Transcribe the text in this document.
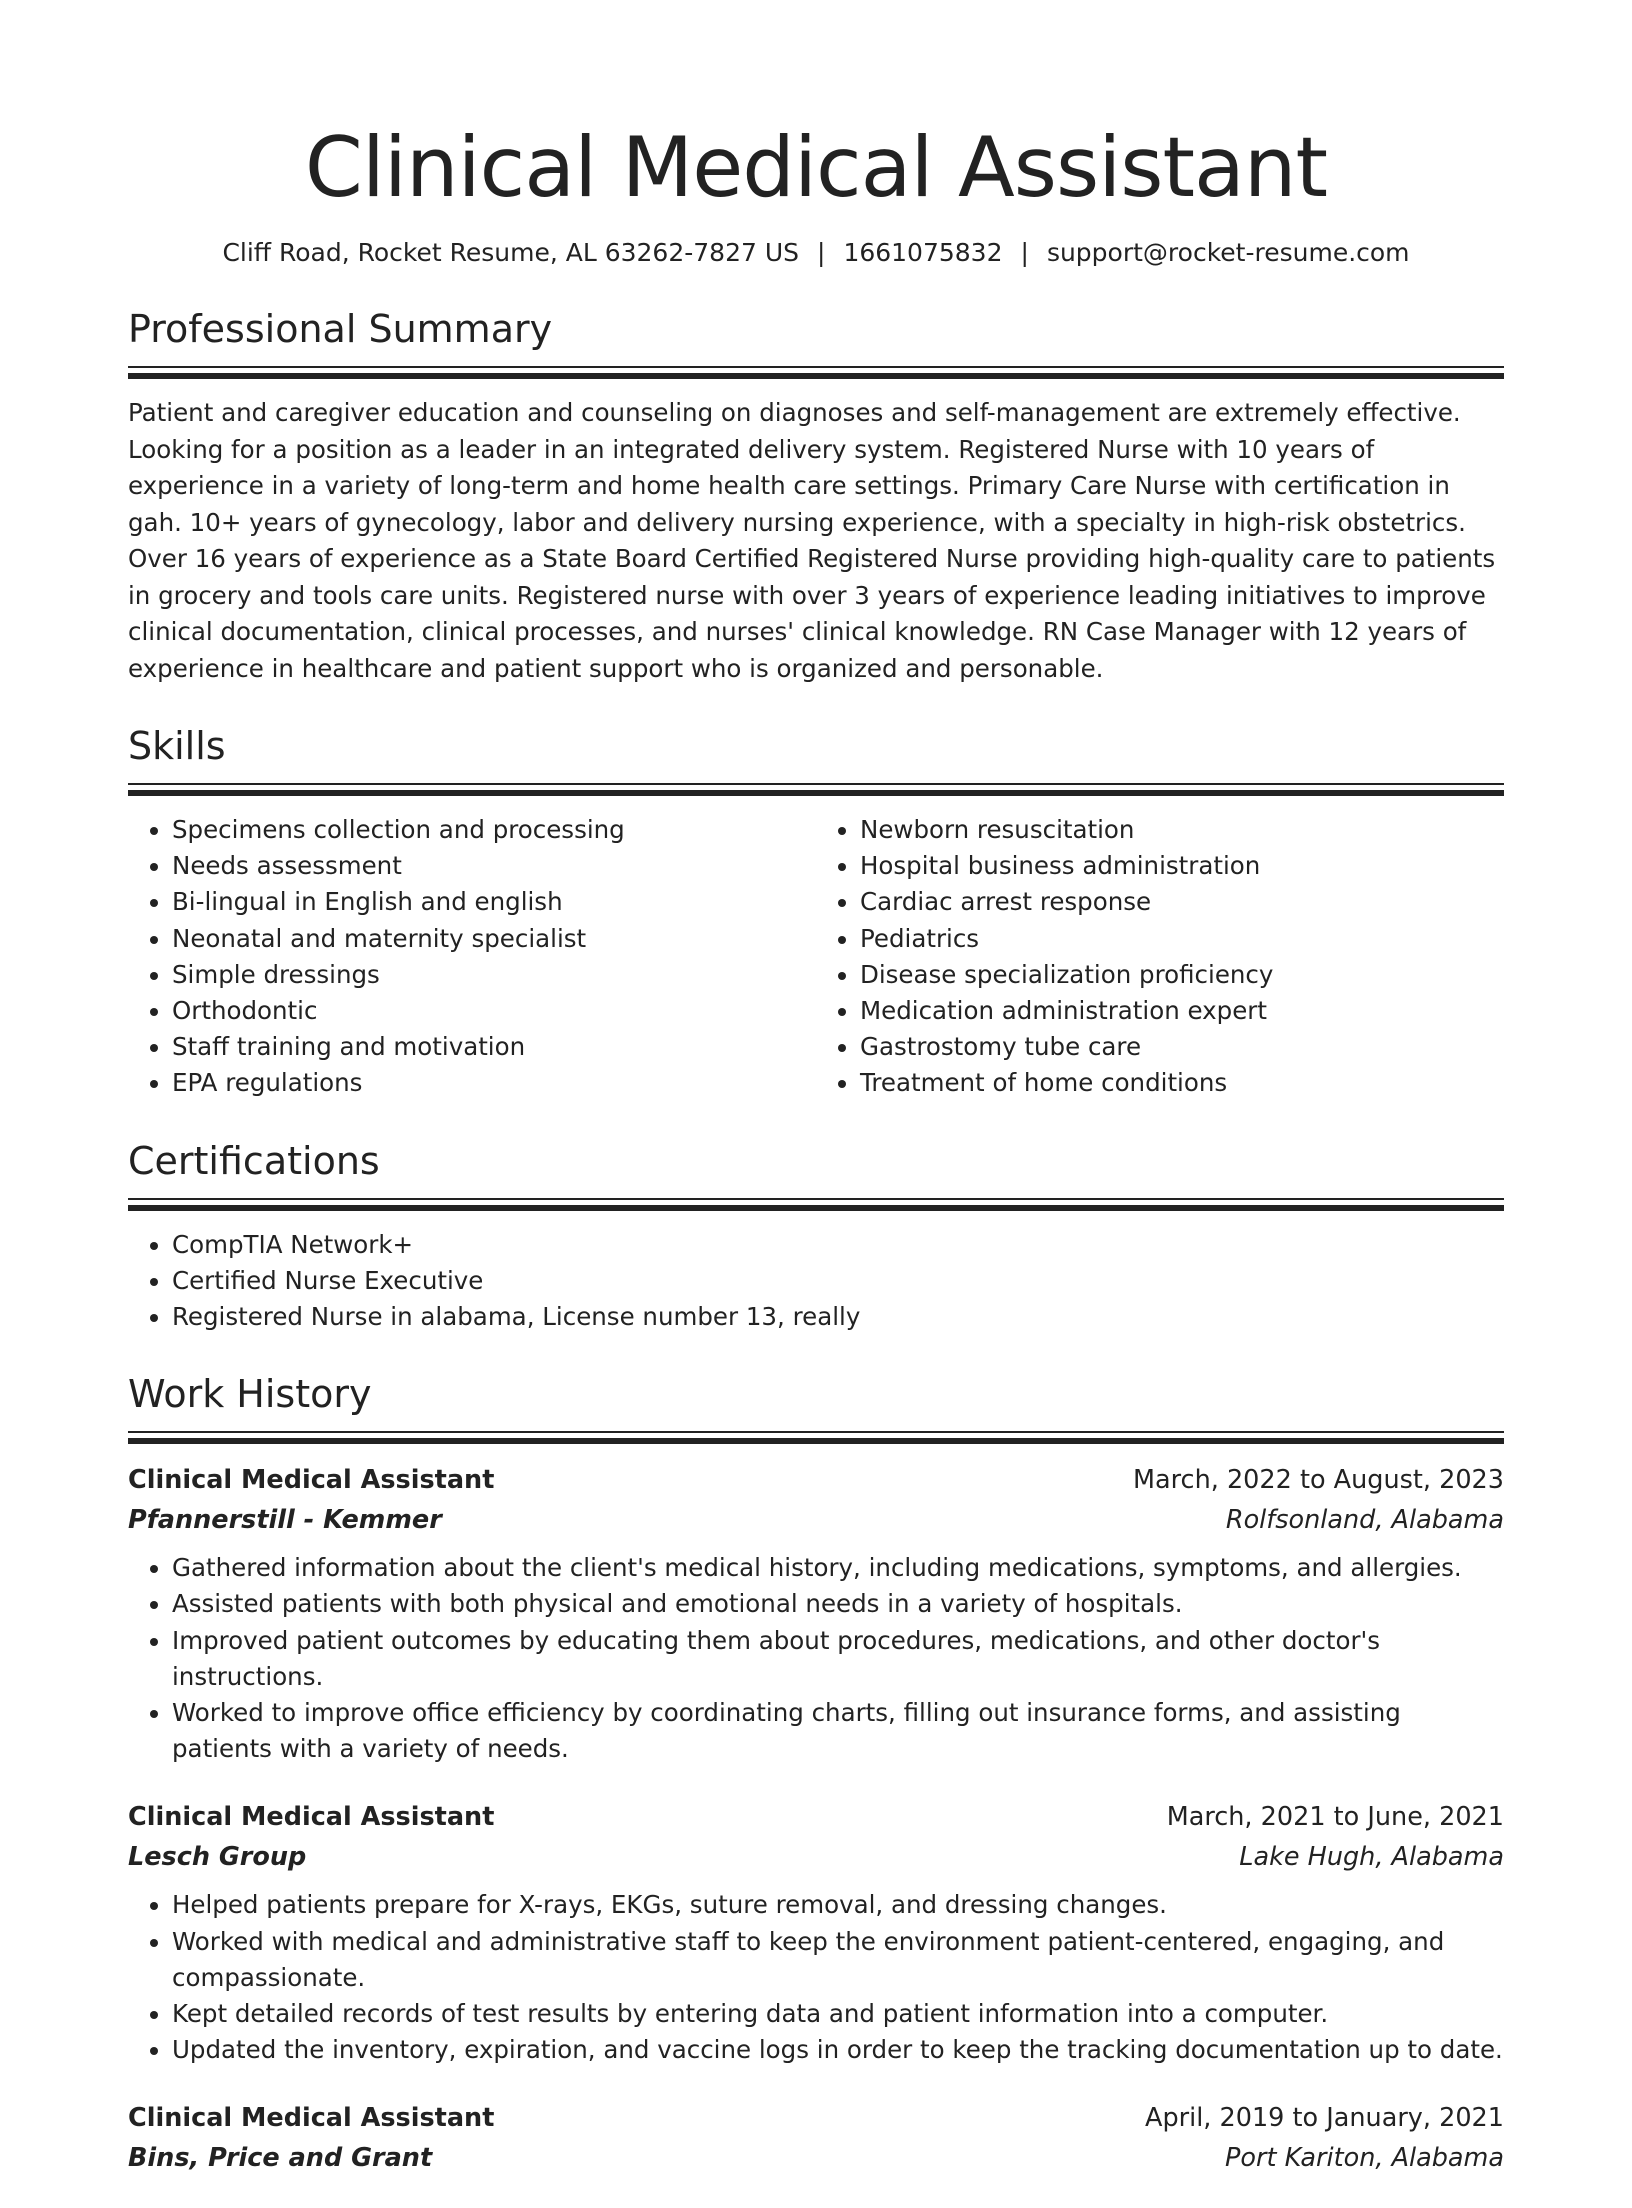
Clinical Medical Assistant
Cliff Road, Rocket Resume, AL 63262-7827 US | 1661075832 | support@rocket-resume.com
Professional Summary

Patient and caregiver education and counseling on diagnoses and self-management are extremely effective. Looking for a position as a leader in an integrated delivery system. Registered Nurse with 10 years of experience in a variety of long-term and home health care settings. Primary Care Nurse with certification in gah. 10+ years of gynecology, labor and delivery nursing experience, with a specialty in high-risk obstetrics. Over 16 years of experience as a State Board Certified Registered Nurse providing high-quality care to patients in grocery and tools care units. Registered nurse with over 3 years of experience leading initiatives to improve clinical documentation, clinical processes, and nurses' clinical knowledge. RN Case Manager with 12 years of experience in healthcare and patient support who is organized and personable.

Skills
• Specimens collection and processing
• Needs assessment
• Bi-lingual in English and english
• Neonatal and maternity specialist
• Simple dressings
• Orthodontic
• Staff training and motivation
• EPA regulations
• Newborn resuscitation
• Hospital business administration
• Cardiac arrest response
• Pediatrics
• Disease specialization proficiency
• Medication administration expert
• Gastrostomy tube care
• Treatment of home conditions
Certifications
• CompTIA Network+
• Certified Nurse Executive
• Registered Nurse in alabama, License number 13, really
Work History
Clinical Medical Assistant	March, 2022 to August, 2023
Pfannerstill - Kemmer	Rolfsonland, Alabama
• Gathered information about the client's medical history, including medications, symptoms, and allergies.
• Assisted patients with both physical and emotional needs in a variety of hospitals.
• Improved patient outcomes by educating them about procedures, medications, and other doctor's instructions.
• Worked to improve office efficiency by coordinating charts, filling out insurance forms, and assisting patients with a variety of needs.
Clinical Medical Assistant	March, 2021 to June, 2021
Lesch Group	Lake Hugh, Alabama
• Helped patients prepare for X-rays, EKGs, suture removal, and dressing changes.
• Worked with medical and administrative staff to keep the environment patient-centered, engaging, and compassionate.
• Kept detailed records of test results by entering data and patient information into a computer.
• Updated the inventory, expiration, and vaccine logs in order to keep the tracking documentation up to date.
Clinical Medical Assistant	April, 2019 to January, 2021
Bins, Price and Grant	Port Kariton, Alabama
